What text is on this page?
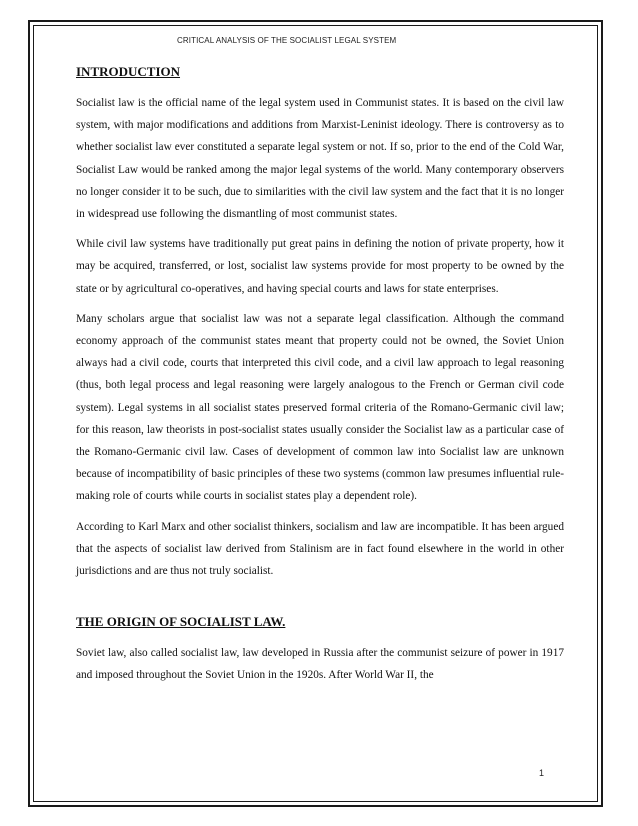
CRITICAL ANALYSIS OF THE SOCIALIST LEGAL SYSTEM
INTRODUCTION

Socialist law is the official name of the legal system used in Communist states. It is based on the civil law system, with major modifications and additions from Marxist-Leninist ideology. There is controversy as to whether socialist law ever constituted a separate legal system or not. If so, prior to the end of the Cold War, Socialist Law would be ranked among the major legal systems of the world. Many contemporary observers no longer consider it to be such, due to similarities with the civil law system and the fact that it is no longer in widespread use following the dismantling of most communist states.

While civil law systems have traditionally put great pains in defining the notion of private property, how it may be acquired, transferred, or lost, socialist law systems provide for most property to be owned by the state or by agricultural co-operatives, and having special courts and laws for state enterprises.

Many scholars argue that socialist law was not a separate legal classification. Although the command economy approach of the communist states meant that property could not be owned, the Soviet Union always had a civil code, courts that interpreted this civil code, and a civil law approach to legal reasoning (thus, both legal process and legal reasoning were largely analogous to the French or German civil code system). Legal systems in all socialist states preserved formal criteria of the Romano-Germanic civil law; for this reason, law theorists in post-socialist states usually consider the Socialist law as a particular case of the Romano-Germanic civil law. Cases of development of common law into Socialist law are unknown because of incompatibility of basic principles of these two systems (common law presumes influential rule-making role of courts while courts in socialist states play a dependent role).

According to Karl Marx and other socialist thinkers, socialism and law are incompatible. It has been argued that the aspects of socialist law derived from Stalinism are in fact found elsewhere in the world in other jurisdictions and are thus not truly socialist.

THE ORIGIN OF SOCIALIST LAW.

Soviet law, also called socialist law, law developed in Russia after the communist seizure of power in 1917 and imposed throughout the Soviet Union in the 1920s. After World War II, the

1
